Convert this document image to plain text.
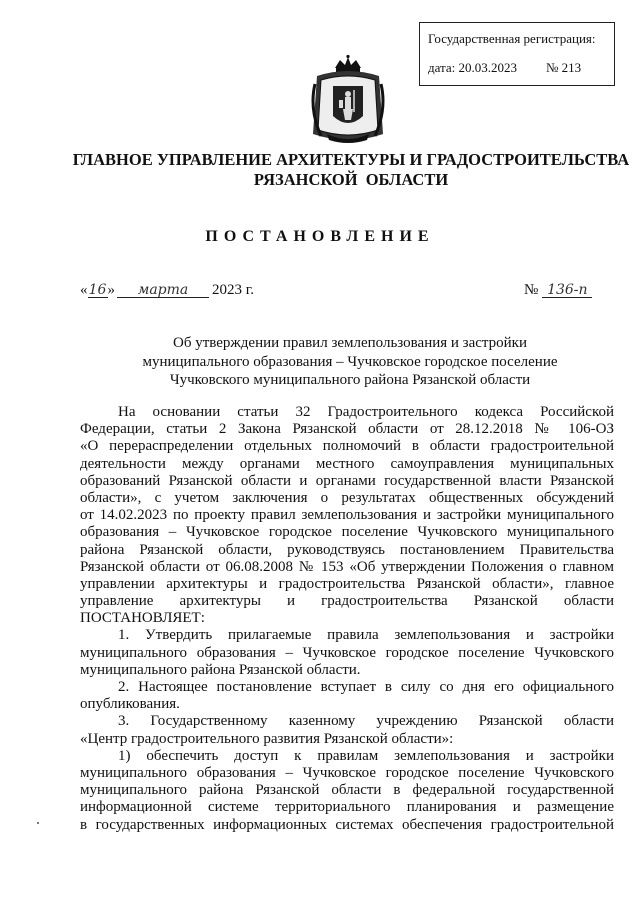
Государственная регистрация:
дата: 20.03.2023 № 213
ГЛАВНОЕ УПРАВЛЕНИЕ АРХИТЕКТУРЫ И ГРАДОСТРОИТЕЛЬСТВА
РЯЗАНСКОЙ ОБЛАСТИ
ПОСТАНОВЛЕНИЕ
« 16 »	марта	2023 г.	№ 136-п
Об утверждении правил землепользования и застройки
муниципального образования – Чучковское городское поселение
Чучковского муниципального района Рязанской области
На основании статьи 32 Градостроительного кодекса Российской
Федерации, статьи 2 Закона Рязанской области от 28.12.2018 № 106-ОЗ
«О перераспределении отдельных полномочий в области градостроительной
деятельности между органами местного самоуправления муниципальных
образований Рязанской области и органами государственной власти Рязанской
области», с учетом заключения о результатах общественных обсуждений
от 14.02.2023 по проекту правил землепользования и застройки муниципального
образования – Чучковское городское поселение Чучковского муниципального
района Рязанской области, руководствуясь постановлением Правительства
Рязанской области от 06.08.2008 № 153 «Об утверждении Положения о главном
управлении архитектуры и градостроительства Рязанской области», главное
управление архитектуры и градостроительства Рязанской области
ПОСТАНОВЛЯЕТ:
1. Утвердить прилагаемые правила землепользования и застройки
муниципального образования – Чучковское городское поселение Чучковского
муниципального района Рязанской области.
2. Настоящее постановление вступает в силу со дня его официального
опубликования.
3. Государственному казенному учреждению Рязанской области
«Центр градостроительного развития Рязанской области»:
1) обеспечить доступ к правилам землепользования и застройки
муниципального образования – Чучковское городское поселение Чучковского
муниципального района Рязанской области в федеральной государственной
информационной системе территориального планирования и размещение
в государственных информационных системах обеспечения градостроительной
